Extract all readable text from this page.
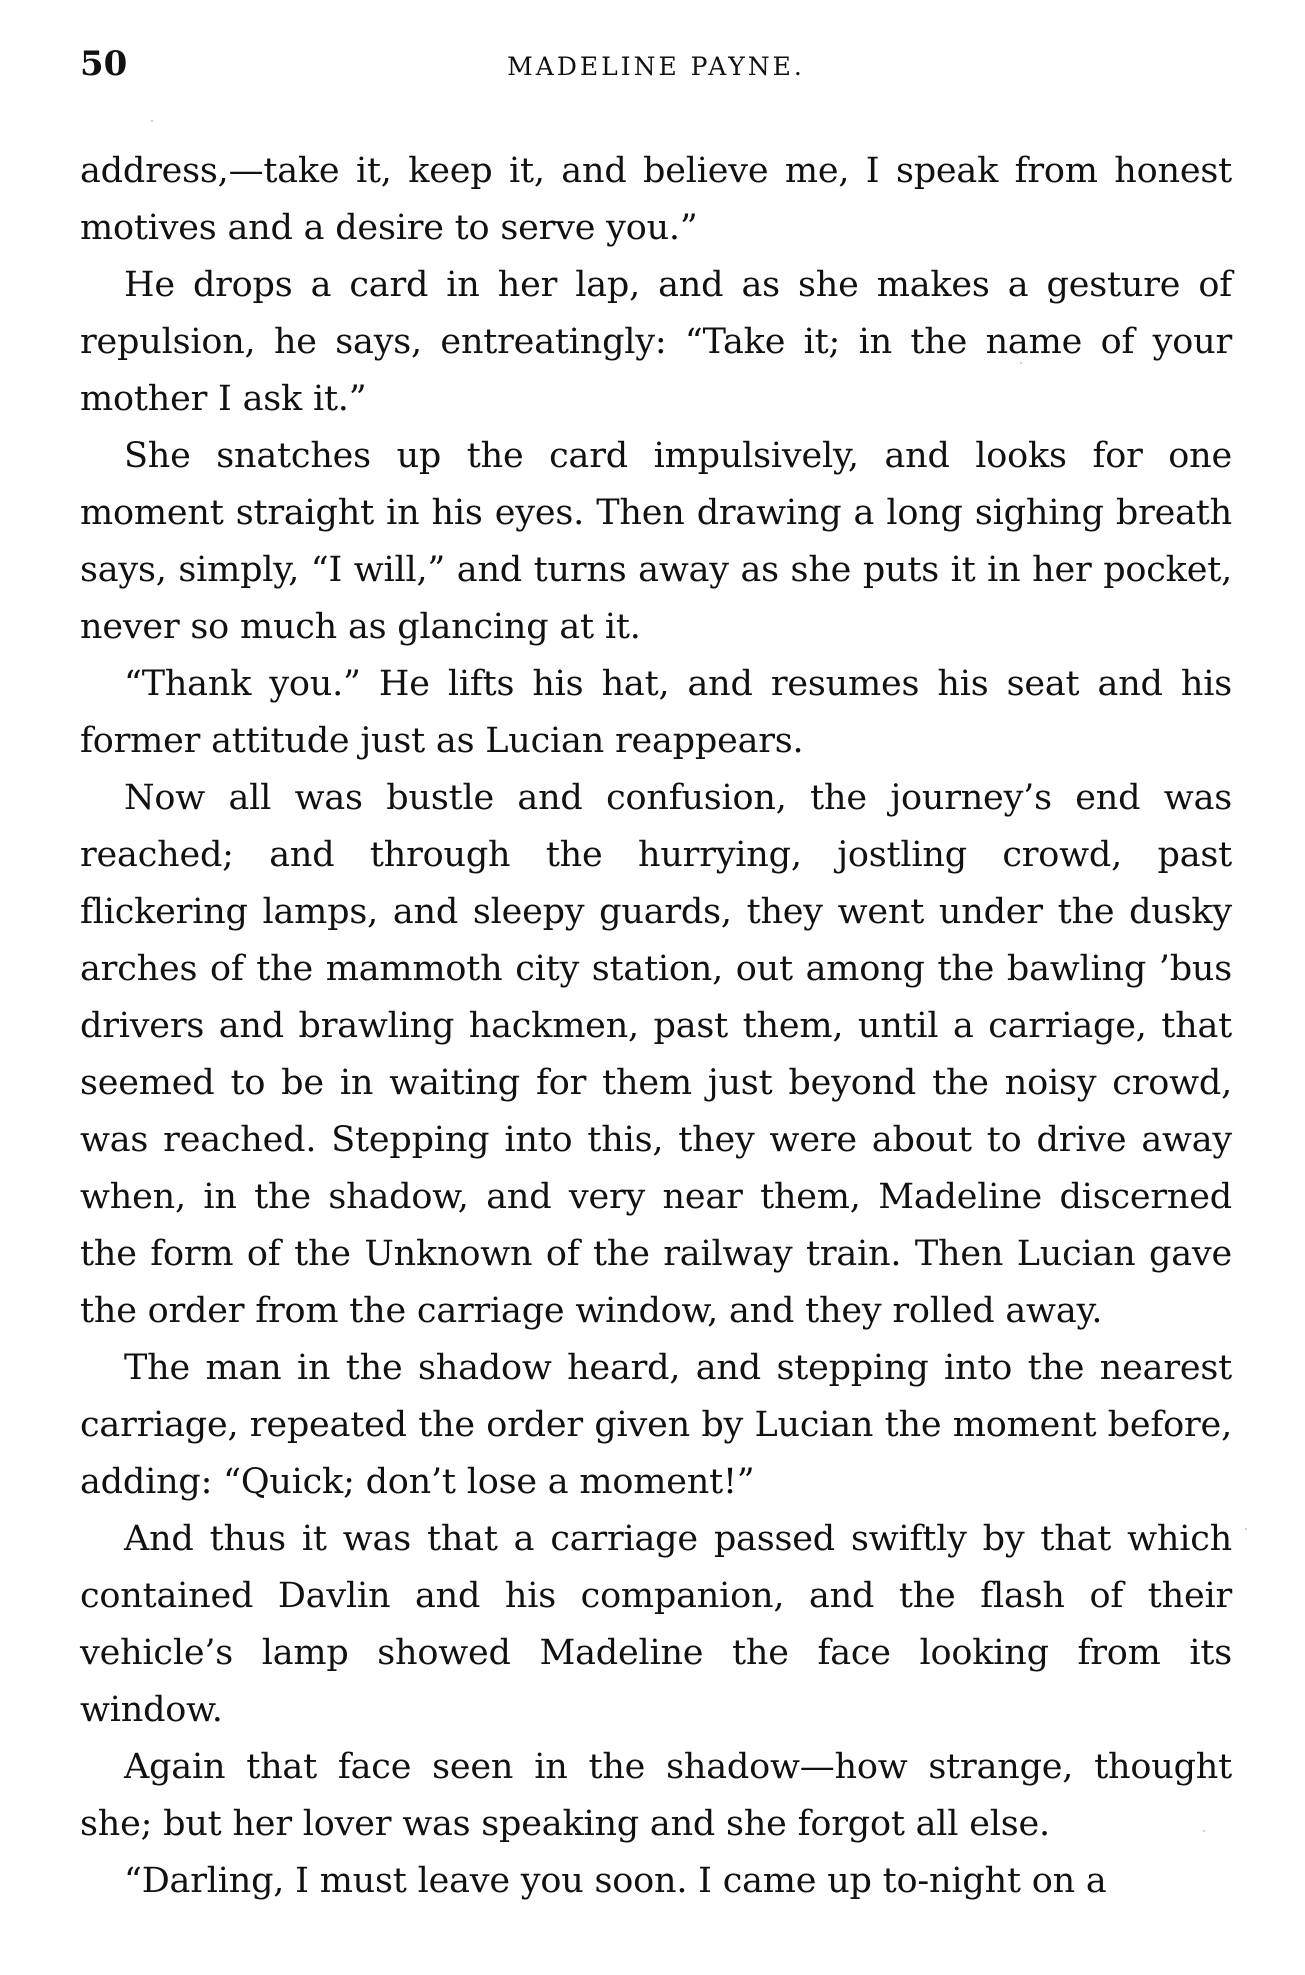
50	MADELINE PAYNE.

address,—take it, keep it, and believe me, I speak from honest motives and a desire to serve you.”

He drops a card in her lap, and as she makes a gesture of repulsion, he says, entreatingly: “Take it; in the name of your mother I ask it.”

She snatches up the card impulsively, and looks for one moment straight in his eyes. Then drawing a long sighing breath says, simply, “I will,” and turns away as she puts it in her pocket, never so much as glancing at it.

“Thank you.” He lifts his hat, and resumes his seat and his former attitude just as Lucian reappears.

Now all was bustle and confusion, the journey’s end was reached; and through the hurrying, jostling crowd, past flickering lamps, and sleepy guards, they went under the dusky arches of the mammoth city station, out among the bawling ’bus drivers and brawling hackmen, past them, until a carriage, that seemed to be in waiting for them just beyond the noisy crowd, was reached. Stepping into this, they were about to drive away when, in the shadow, and very near them, Madeline discerned the form of the Unknown of the railway train. Then Lucian gave the order from the carriage window, and they rolled away.

The man in the shadow heard, and stepping into the nearest carriage, repeated the order given by Lucian the moment before, adding: “Quick; don’t lose a moment!”

And thus it was that a carriage passed swiftly by that which contained Davlin and his companion, and the flash of their vehicle’s lamp showed Madeline the face looking from its window.

Again that face seen in the shadow—how strange, thought she; but her lover was speaking and she forgot all else.

“Darling, I must leave you soon. I came up to-night on a
